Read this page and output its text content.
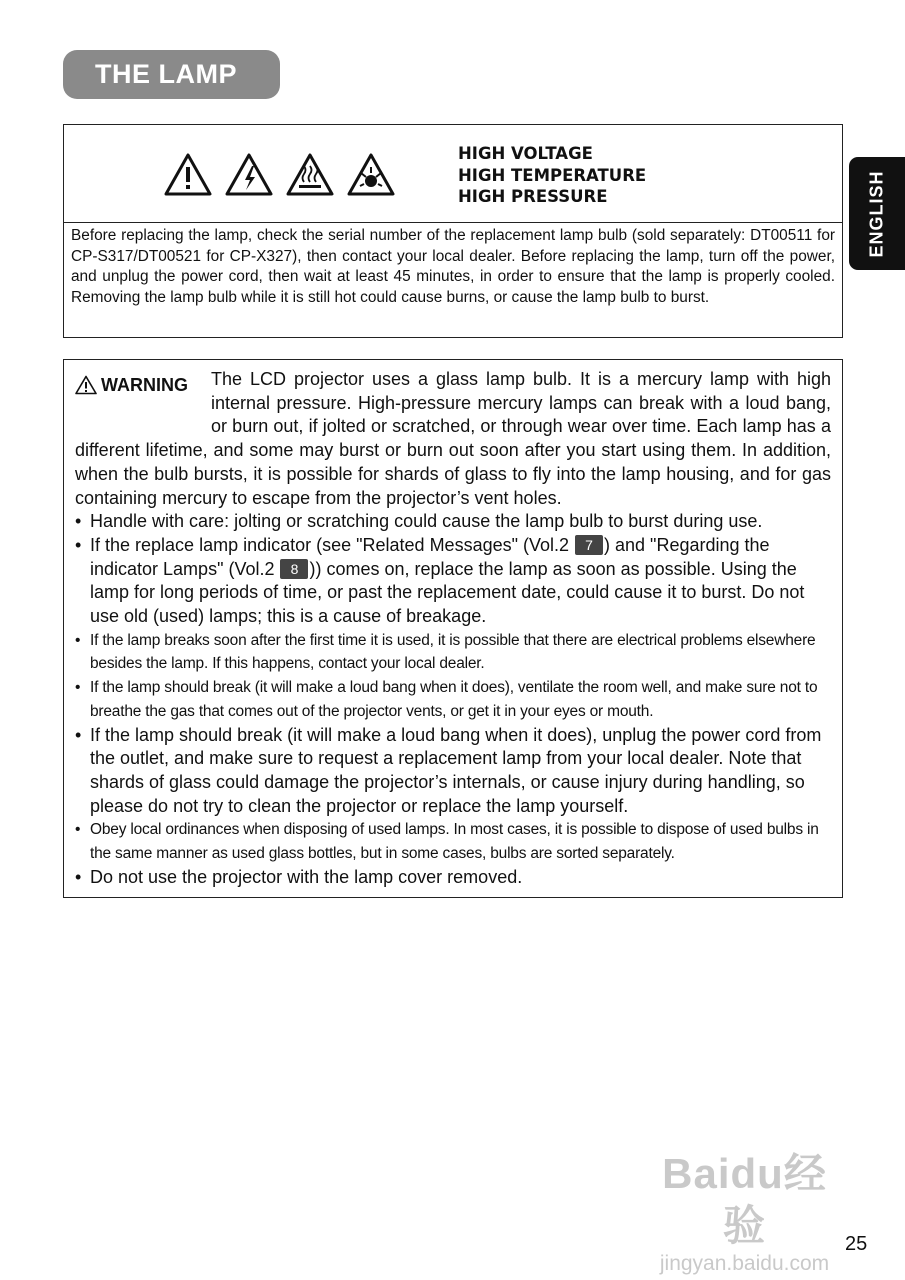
THE LAMP
ENGLISH
HIGH VOLTAGE
HIGH TEMPERATURE
HIGH PRESSURE
Before replacing the lamp, check the serial number of the replacement lamp bulb (sold separately: DT00511 for CP-S317/DT00521 for CP-X327), then contact your local dealer. Before replacing the lamp, turn off the power, and unplug the power cord, then wait at least 45 minutes, in order to ensure that the lamp is properly cooled. Removing the lamp bulb while it is still hot could cause burns, or cause the lamp bulb to burst.
WARNING	The LCD projector uses a glass lamp bulb. It is a mercury lamp with high internal pressure. High-pressure mercury lamps can break with a loud bang, or burn out, if jolted or scratched, or through wear over time. Each lamp has a different lifetime, and some may burst or burn out soon after you start using them. In addition, when the bulb bursts, it is possible for shards of glass to fly into the lamp housing, and for gas containing mercury to escape from the projector’s vent holes.
• Handle with care: jolting or scratching could cause the lamp bulb to burst during use.
• If the replace lamp indicator (see "Related Messages" (Vol.2 7 ) and "Regarding the indicator Lamps" (Vol.2 8 )) comes on, replace the lamp as soon as possible. Using the lamp for long periods of time, or past the replacement date, could cause it to burst. Do not use old (used) lamps; this is a cause of breakage.
• If the lamp breaks soon after the first time it is used, it is possible that there are electrical problems elsewhere besides the lamp. If this happens, contact your local dealer.
• If the lamp should break (it will make a loud bang when it does), ventilate the room well, and make sure not to breathe the gas that comes out of the projector vents, or get it in your eyes or mouth.
• If the lamp should break (it will make a loud bang when it does), unplug the power cord from the outlet, and make sure to request a replacement lamp from your local dealer. Note that shards of glass could damage the projector’s internals, or cause injury during handling, so please do not try to clean the projector or replace the lamp yourself.
• Obey local ordinances when disposing of used lamps. In most cases, it is possible to dispose of used bulbs in the same manner as used glass bottles, but in some cases, bulbs are sorted separately.
• Do not use the projector with the lamp cover removed.
Baidu经验
jingyan.baidu.com
25
